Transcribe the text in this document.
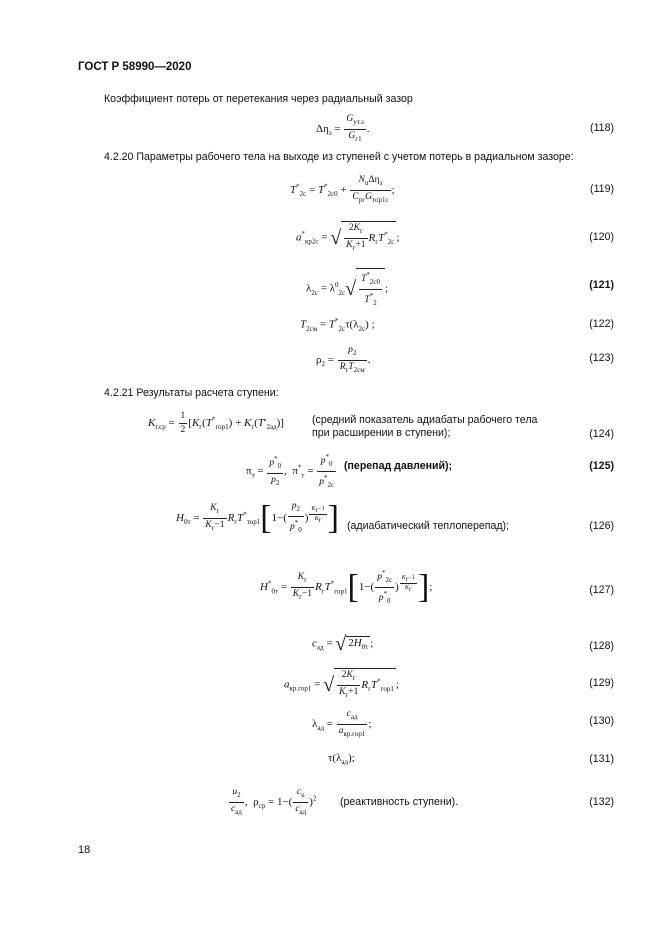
ГОСТ Р 58990—2020
Коэффициент потерь от перетекания через радиальный зазор
$\Delta\eta_з$ =
$G_{ут.з}$
$G_{г1}$
.	(118)
4.2.20 Параметры рабочего тела на выходе из ступеней с учетом потерь в радиальном зазоре:
$T^*_{2с} = T^*_{2с0}$ +
$N_u\Delta\eta_з$
$C_{pг}G_{тор1с}$
;	(119)
$a^*_{кр2с}$ = √ $2K_г$
$K_г+1$
$R_гT^*_{2с}$ ;	(120)
$\lambda_{2с} = \lambda^0_{2с}√$ $T^*_{2с0}$
$T^*_2$
;	(121)
$T_{2см} = T^*_{2с}\tau(\lambda_{2с})$ ;	(122)
$\rho_2$ =
$p_2$
$R_гT_{2см}$
.	(123)
4.2.21 Результаты расчета ступени:
$K_{г.ср} = \frac{1}{2} [K_г(T^*_{гор1}) + K_г(T'_{2ад})]$	(средний показатель адиабаты рабочего тела
при расширении в ступени);	(124)
$\pi_т = \frac{p^*_0}{p_2}$ ,  $\pi^*_т$ =
$p^*_0$
$p^*_{2с}$
(перепад давлений);	(125)
$H_{0т}$ =
$K_г$
$K_г-1$
$R_гT^*_{тор1}[1-( \frac{p_2}{p^*_0}$ )
$^{K_г-1 K_г}$ ] (адиабатический теплоперепад);	(126)
$H^*_{0т}$ =
$K_г$
$K_г-1$
$R_гT^*_{гор1}[1-$(
$p^*_{2с}$
$p^*_0$
)
$^{K_г-1 K_г}$ ];	(127)
$c_{ад}$ = √ $2H_{0т}$ ;	(128)
$a_{кр.гор1}$ = √ $2K_г$
$K_г+1$
$R_гT^*_{гор1}$ ;	(129)
$\lambda_{ад}$ =
$c_{ад}$
$a_{кр.гор1}$
;	(130)
$\tau(\lambda_{ад})$;	(131)
$u_2$
$c_{ад}$
,  $\rho_{ср} = 1-$(
$c_u$
$c_{ад}$
)$^2$ (реактивность ступени).	(132)
18
